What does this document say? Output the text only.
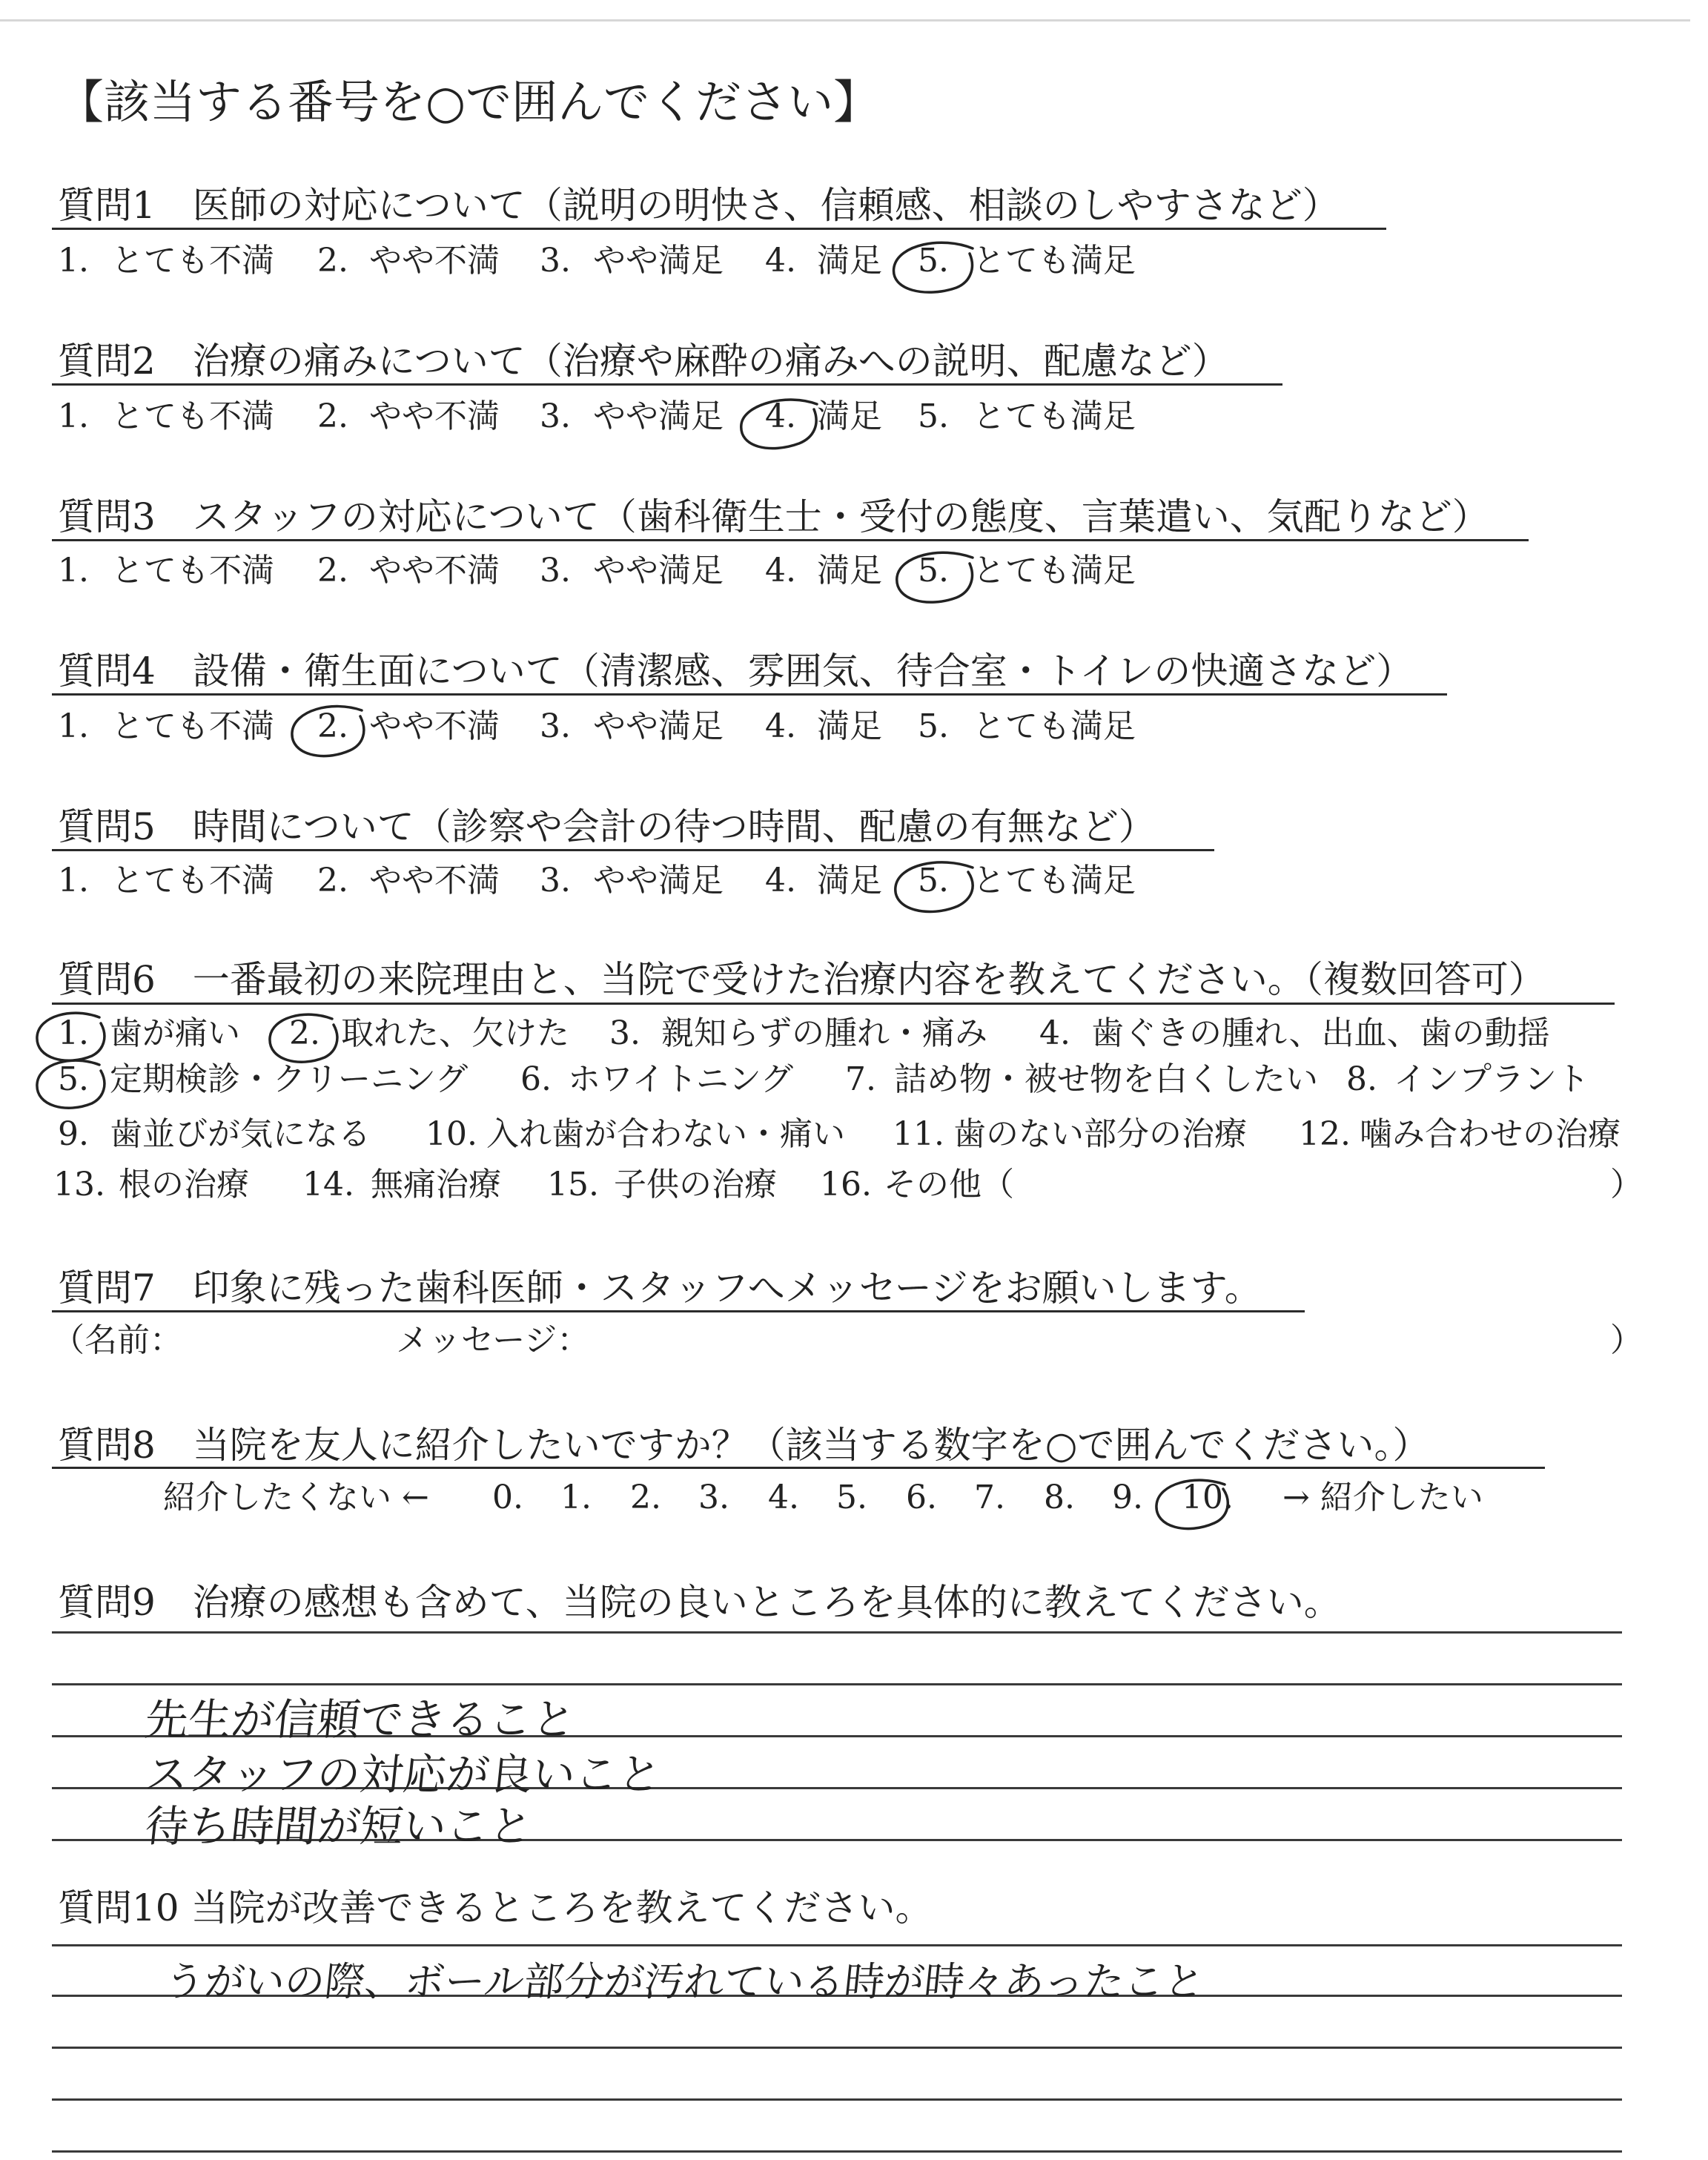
【該当する番号を○で囲んでください】
質問1　医師の対応について（説明の明快さ、信頼感、相談のしやすさなど）
1. とても不満 2. やや不満 3. やや満足 4. 満足 5. とても満足
質問2　治療の痛みについて（治療や麻酔の痛みへの説明、配慮など）
1. とても不満 2. やや不満 3. やや満足 4. 満足 5. とても満足
質問3　スタッフの対応について（歯科衛生士・受付の態度、言葉遣い、気配りなど）
1. とても不満 2. やや不満 3. やや満足 4. 満足 5. とても満足
質問4　設備・衛生面について（清潔感、雰囲気、待合室・トイレの快適さなど）
1. とても不満 2. やや不満 3. やや満足 4. 満足 5. とても満足
質問5　時間について（診察や会計の待つ時間、配慮の有無など）
1. とても不満 2. やや不満 3. やや満足 4. 満足 5. とても満足
質問6　一番最初の来院理由と、当院で受けた治療内容を教えてください。（複数回答可）
1. 歯が痛い 2. 取れた、欠けた 3. 親知らずの腫れ・痛み 4. 歯ぐきの腫れ、出血、歯の動揺
5. 定期検診・クリーニング 6. ホワイトニング 7. 詰め物・被せ物を白くしたい 8. インプラント
9. 歯並びが気になる 10. 入れ歯が合わない・痛い 11. 歯のない部分の治療 12. 噛み合わせの治療
13. 根の治療 14. 無痛治療 15. 子供の治療 16. その他（	）
質問7　印象に残った歯科医師・スタッフへメッセージをお願いします。
（名前：	メッセージ：	）
質問8　当院を友人に紹介したいですか？（該当する数字を○で囲んでください。）
紹介したくない ← 0. 1. 2. 3. 4. 5. 6. 7. 8. 9. 10. → 紹介したい
質問9　治療の感想も含めて、当院の良いところを具体的に教えてください。
先生が信頼できること
スタッフの対応が良いこと
待ち時間が短いこと
質問10 当院が改善できるところを教えてください。
うがいの際、ボール部分が汚れている時が時々あったこと
